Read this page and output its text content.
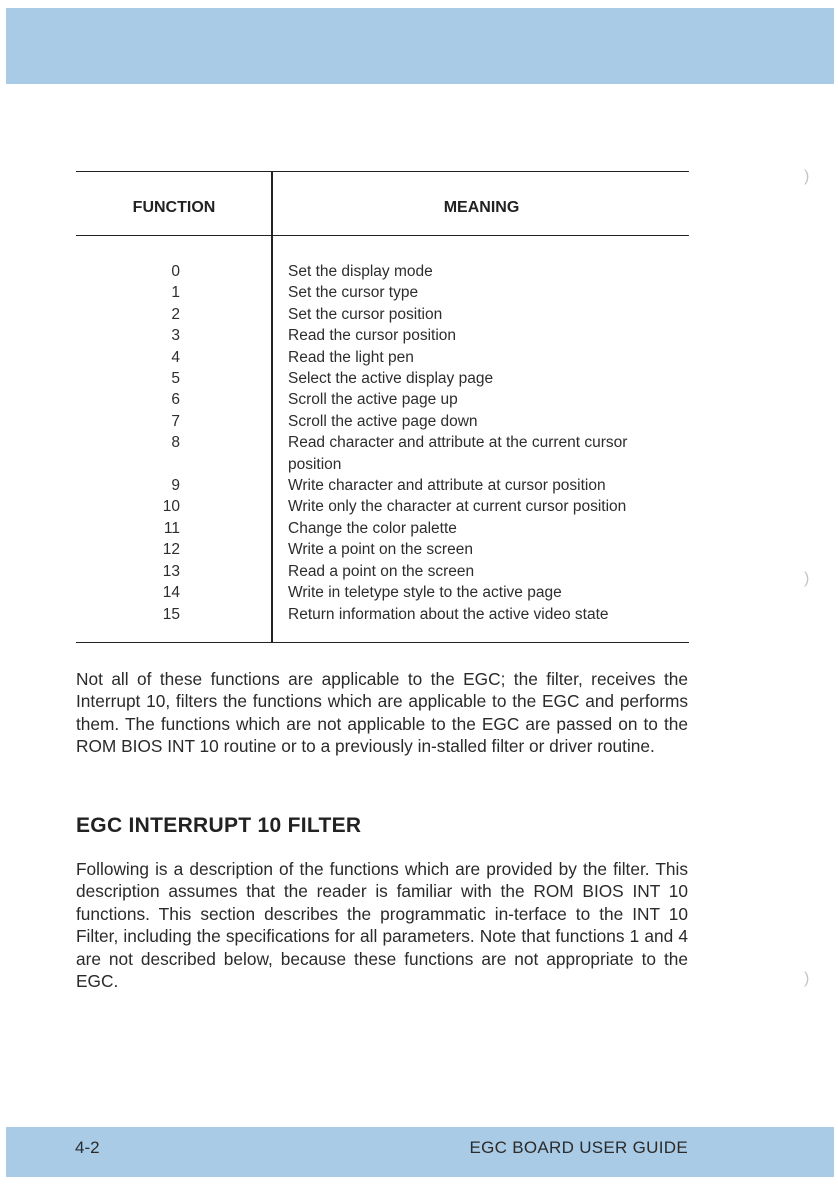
FUNCTION	MEANING
0	Set the display mode
1	Set the cursor type
2	Set the cursor position
3	Read the cursor position
4	Read the light pen
5	Select the active display page
6	Scroll the active page up
7	Scroll the active page down
8	Read character and attribute at the current cursor position
9	Write character and attribute at cursor position
10	Write only the character at current cursor position
11	Change the color palette
12	Write a point on the screen
13	Read a point on the screen
14	Write in teletype style to the active page
15	Return information about the active video state

Not all of these functions are applicable to the EGC; the filter, receives the Interrupt 10, filters the functions which are applicable to the EGC and performs them. The functions which are not applicable to the EGC are passed on to the ROM BIOS INT 10 routine or to a previously in-stalled filter or driver routine.

EGC INTERRUPT 10 FILTER

Following is a description of the functions which are provided by the filter. This description assumes that the reader is familiar with the ROM BIOS INT 10 functions. This section describes the programmatic in-terface to the INT 10 Filter, including the specifications for all parameters. Note that functions 1 and 4 are not described below, because these functions are not appropriate to the EGC.

)
)
)
4-2	EGC BOARD USER GUIDE
